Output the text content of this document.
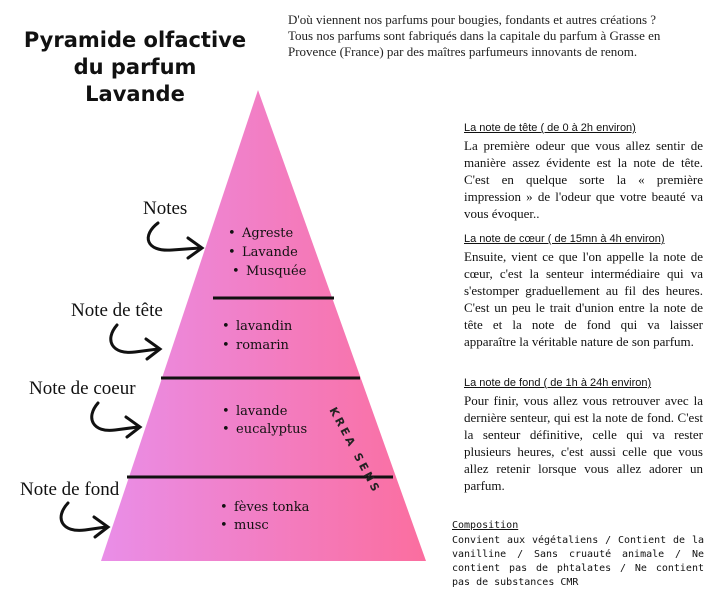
Pyramide olfactive
du parfum
Lavande
D'où viennent nos parfums pour bougies, fondants et autres créations ?
Tous nos parfums sont fabriqués dans la capitale du parfum à Grasse en
Provence (France) par des maîtres parfumeurs innovants de renom.
Notes
Note de tête
Note de coeur
Note de fond
• Agreste
• Lavande
• Musquée
• lavandin
• romarin
• lavande
• eucalyptus
• fèves tonka
• musc
KREA SENS
La note de tête ( de 0 à 2h environ)
La première odeur que vous allez sentir de manière assez évidente est la note de tête. C'est en quelque sorte la « première impression » de l'odeur que votre beauté va vous évoquer..
La note de cœur ( de 15mn à 4h environ)
Ensuite, vient ce que l'on appelle la note de cœur, c'est la senteur intermédiaire qui va s'estomper graduellement au fil des heures. C'est un peu le trait d'union entre la note de tête et la note de fond qui va laisser apparaître la véritable nature de son parfum.
La note de fond ( de 1h à 24h environ)
Pour finir, vous allez vous retrouver avec la dernière senteur, qui est la note de fond. C'est la senteur définitive, celle qui va rester plusieurs heures, c'est aussi celle que vous allez retenir lorsque vous allez adorer un parfum.
Composition
Convient aux végétaliens / Contient de la vanilline / Sans cruauté animale / Ne contient pas de phtalates / Ne contient pas de substances CMR
